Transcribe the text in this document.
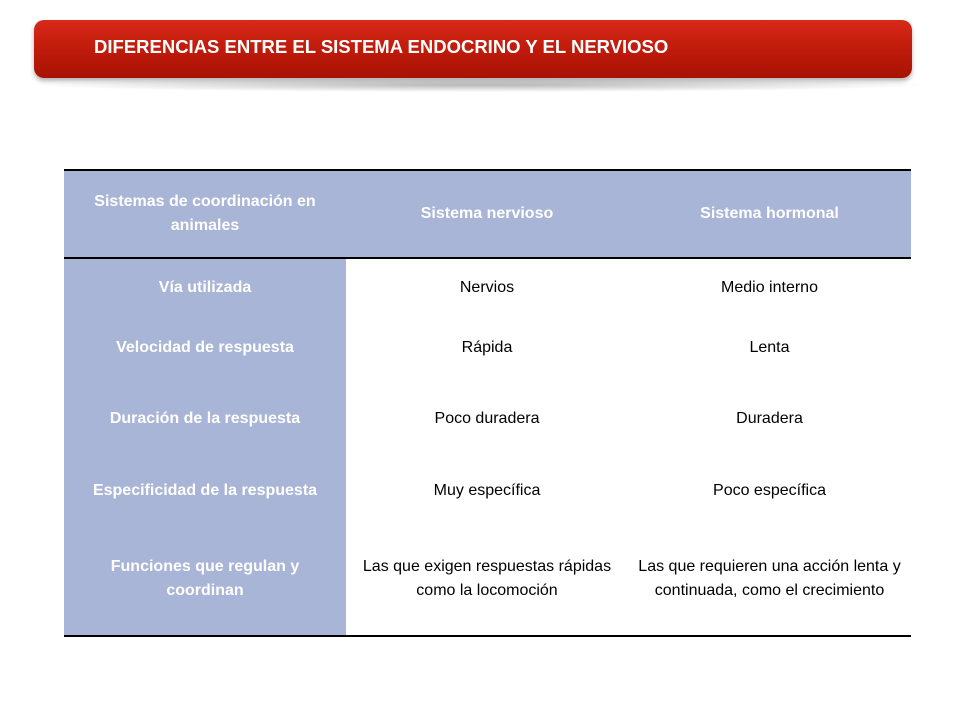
DIFERENCIAS ENTRE EL SISTEMA ENDOCRINO Y EL NERVIOSO
Sistemas de coordinación en animales	Sistema nervioso	Sistema hormonal
Vía utilizada	Nervios	Medio interno
Velocidad de respuesta	Rápida	Lenta
Duración de la respuesta	Poco duradera	Duradera
Especificidad de la respuesta	Muy específica	Poco específica
Funciones que regulan y coordinan	Las que exigen respuestas rápidas como la locomoción	Las que requieren una acción lenta y continuada, como el crecimiento
